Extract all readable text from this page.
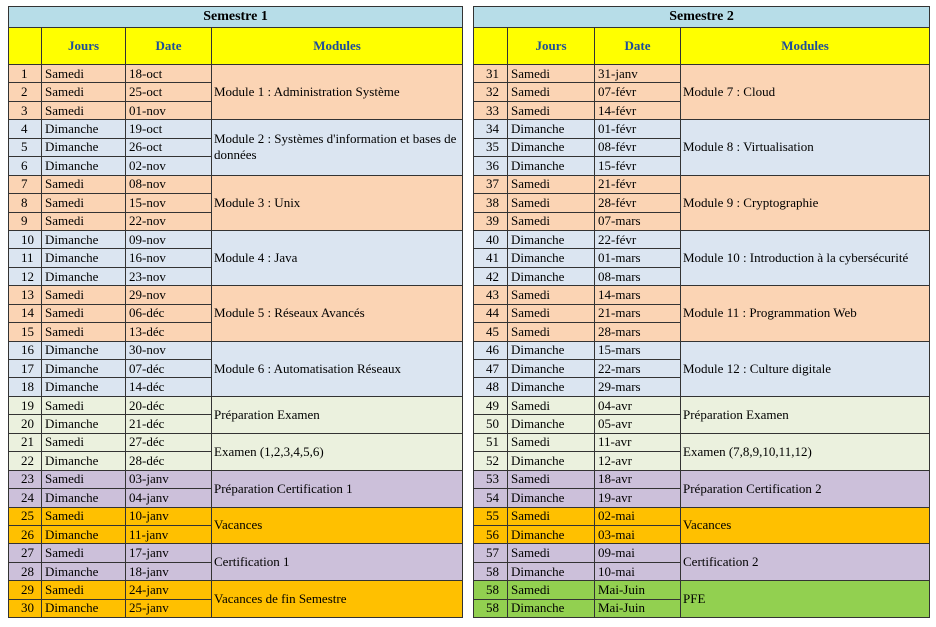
Semestre 1			
	Jours	Date	Modules
1	Samedi	18-oct	Module 1 : Administration Système
2	Samedi	25-oct	
3	Samedi	01-nov	
4	Dimanche	19-oct	Module 2 : Systèmes d'information et bases de données
5	Dimanche	26-oct	
6	Dimanche	02-nov	
7	Samedi	08-nov	Module 3 : Unix
8	Samedi	15-nov	
9	Samedi	22-nov	
10	Dimanche	09-nov	Module 4 : Java
11	Dimanche	16-nov	
12	Dimanche	23-nov	
13	Samedi	29-nov	Module 5 : Réseaux Avancés
14	Samedi	06-déc	
15	Samedi	13-déc	
16	Dimanche	30-nov	Module 6 : Automatisation Réseaux
17	Dimanche	07-déc	
18	Dimanche	14-déc	
19	Samedi	20-déc	Préparation Examen
20	Dimanche	21-déc	
21	Samedi	27-déc	Examen (1,2,3,4,5,6)
22	Dimanche	28-déc	
23	Samedi	03-janv	Préparation Certification 1
24	Dimanche	04-janv	
25	Samedi	10-janv	Vacances
26	Dimanche	11-janv	
27	Samedi	17-janv	Certification 1
28	Dimanche	18-janv	
29	Samedi	24-janv	Vacances de fin Semestre
30	Dimanche	25-janv	
Semestre 2			
	Jours	Date	Modules
31	Samedi	31-janv	Module 7 : Cloud
32	Samedi	07-févr	
33	Samedi	14-févr	
34	Dimanche	01-févr	Module 8 : Virtualisation
35	Dimanche	08-févr	
36	Dimanche	15-févr	
37	Samedi	21-févr	Module 9 : Cryptographie
38	Samedi	28-févr	
39	Samedi	07-mars	
40	Dimanche	22-févr	Module 10 : Introduction à la cybersécurité
41	Dimanche	01-mars	
42	Dimanche	08-mars	
43	Samedi	14-mars	Module 11 : Programmation Web
44	Samedi	21-mars	
45	Samedi	28-mars	
46	Dimanche	15-mars	Module 12 : Culture digitale
47	Dimanche	22-mars	
48	Dimanche	29-mars	
49	Samedi	04-avr	Préparation Examen
50	Dimanche	05-avr	
51	Samedi	11-avr	Examen (7,8,9,10,11,12)
52	Dimanche	12-avr	
53	Samedi	18-avr	Préparation Certification 2
54	Dimanche	19-avr	
55	Samedi	02-mai	Vacances
56	Dimanche	03-mai	
57	Samedi	09-mai	Certification 2
58	Dimanche	10-mai	
58	Samedi	Mai-Juin	PFE
58	Dimanche	Mai-Juin	
